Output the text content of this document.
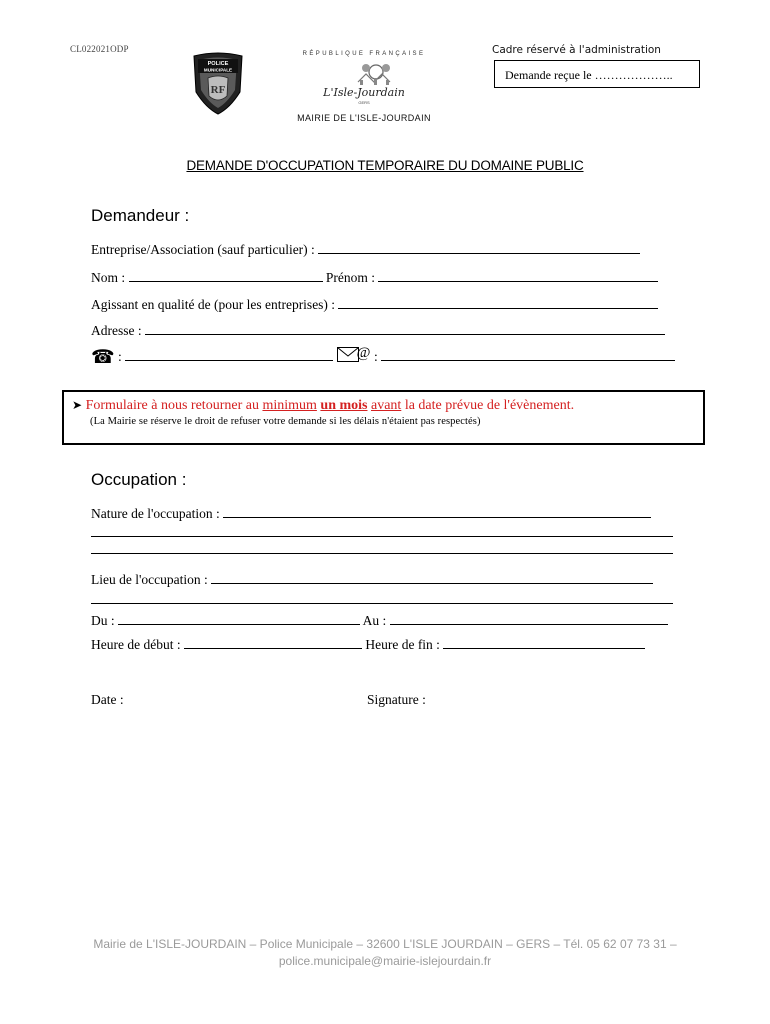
CL022021ODP
POLICE
MUNICIPALE
RF
RÉPUBLIQUE FRANÇAISE
L'Isle-Jourdain
GERS
MAIRIE DE L'ISLE-JOURDAIN
Cadre réservé à l'administration
Demande reçue le ………………..
DEMANDE D'OCCUPATION TEMPORAIRE DU DOMAINE PUBLIC
Demandeur :
Entreprise/Association (sauf particulier) :
Nom :	Prénom :
Agissant en qualité de (pour les entreprises) :
Adresse :
☎ :	@ :
➤ Formulaire à nous retourner au minimum un mois avant la date prévue de l'évènement.
(La Mairie se réserve le droit de refuser votre demande si les délais n'étaient pas respectés)
Occupation :
Nature de l'occupation :
Lieu de l'occupation :
Du :	Au :
Heure de début :	Heure de fin :
Date :	Signature :
Mairie de L'ISLE-JOURDAIN – Police Municipale – 32600 L'ISLE JOURDAIN – GERS – Tél. 05 62 07 73 31 –
police.municipale@mairie-islejourdain.fr
